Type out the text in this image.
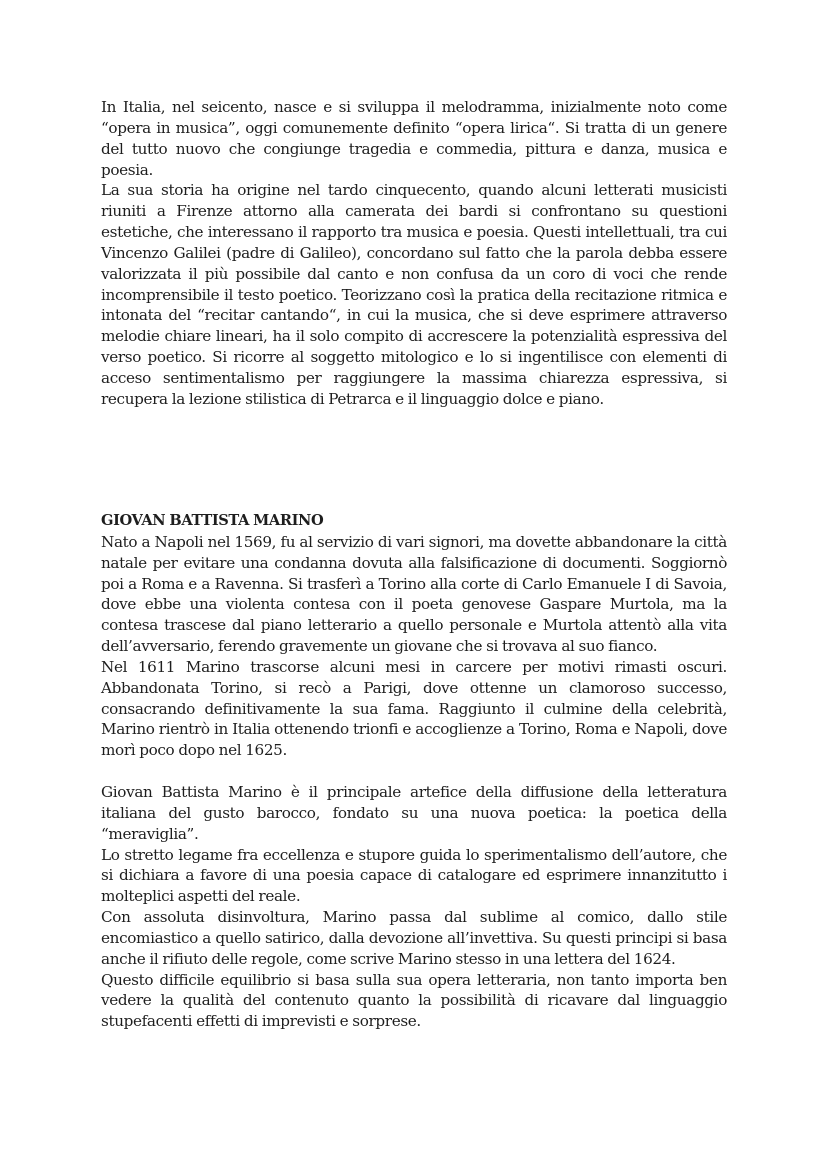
In Italia, nel seicento, nasce e si sviluppa il melodramma, inizialmente noto come “opera in musica”, oggi comunemente definito “opera lirica“. Si tratta di un genere del tutto nuovo che congiunge tragedia e commedia, pittura e danza, musica e poesia.

La sua storia ha origine nel tardo cinquecento, quando alcuni letterati musicisti riuniti a Firenze attorno alla camerata dei bardi si confrontano su questioni estetiche, che interessano il rapporto tra musica e poesia. Questi intellettuali, tra cui Vincenzo Galilei (padre di Galileo), concordano sul fatto che la parola debba essere valorizzata il più possibile dal canto e non confusa da un coro di voci che rende incomprensibile il testo poetico. Teorizzano così la pratica della recitazione ritmica e intonata del “recitar cantando“, in cui la musica, che si deve esprimere attraverso melodie chiare lineari, ha il solo compito di accrescere la potenzialità espressiva del verso poetico. Si ricorre al soggetto mitologico e lo si ingentilisce con elementi di acceso sentimentalismo per raggiungere la massima chiarezza espressiva, si recupera la lezione stilistica di Petrarca e il linguaggio dolce e piano.

GIOVAN BATTISTA MARINO

Nato a Napoli nel 1569, fu al servizio di vari signori, ma dovette abbandonare la città natale per evitare una condanna dovuta alla falsificazione di documenti. Soggiornò poi a Roma e a Ravenna. Si trasferì a Torino alla corte di Carlo Emanuele I di Savoia, dove ebbe una violenta contesa con il poeta genovese Gaspare Murtola, ma la contesa trascese dal piano letterario a quello personale e Murtola attentò alla vita dell’avversario, ferendo gravemente un giovane che si trovava al suo fianco.

Nel 1611 Marino trascorse alcuni mesi in carcere per motivi rimasti oscuri. Abbandonata Torino, si recò a Parigi, dove ottenne un clamoroso successo, consacrando definitivamente la sua fama. Raggiunto il culmine della celebrità, Marino rientrò in Italia ottenendo trionfi e accoglienze a Torino, Roma e Napoli, dove morì poco dopo nel 1625.

Giovan Battista Marino è il principale artefice della diffusione della letteratura italiana del gusto barocco, fondato su una nuova poetica: la poetica della “meraviglia”.

Lo stretto legame fra eccellenza e stupore guida lo sperimentalismo dell’autore, che si dichiara a favore di una poesia capace di catalogare ed esprimere innanzitutto i molteplici aspetti del reale.

Con assoluta disinvoltura, Marino passa dal sublime al comico, dallo stile encomiastico a quello satirico, dalla devozione all’invettiva. Su questi principi si basa anche il rifiuto delle regole, come scrive Marino stesso in una lettera del 1624.

Questo difficile equilibrio si basa sulla sua opera letteraria, non tanto importa ben vedere la qualità del contenuto quanto la possibilità di ricavare dal linguaggio stupefacenti effetti di imprevisti e sorprese.
